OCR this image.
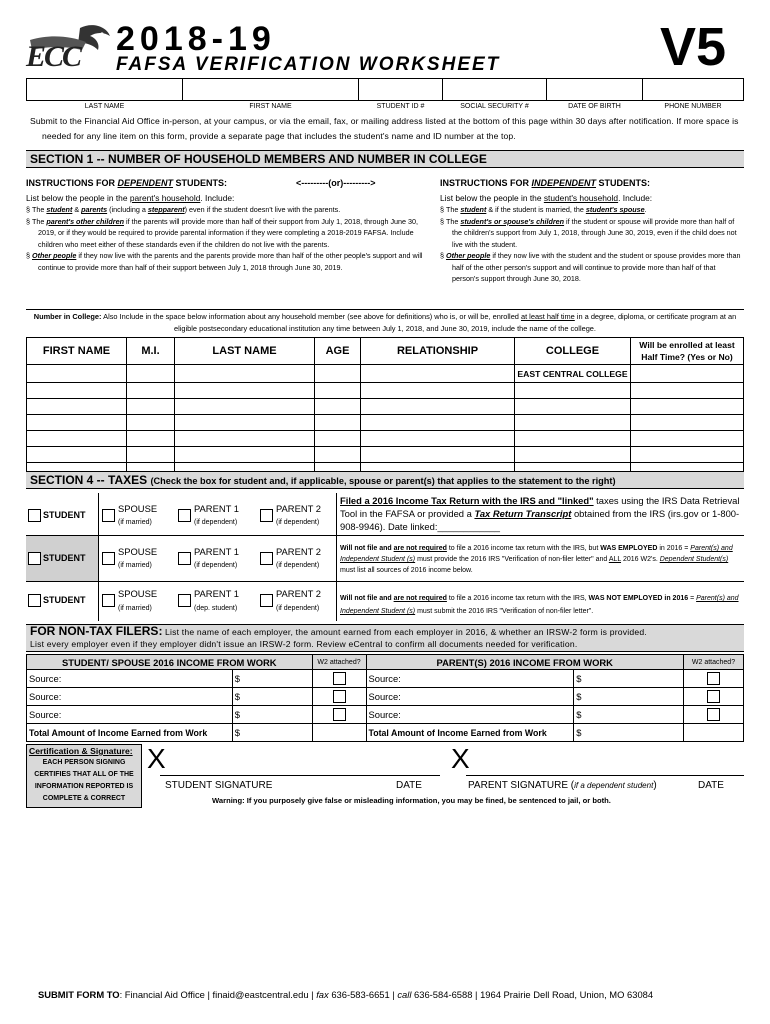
ECC 2018-19
FAFSA VERIFICATION WORKSHEET	V5

LAST NAME	FIRST NAME	STUDENT ID #	SOCIAL SECURITY #	DATE OF BIRTH	PHONE NUMBER
Submit to the Financial Aid Office in-person, at your campus, or via the email, fax, or mailing address listed at the bottom of this page within 30 days after notification. If more space is needed for any line item on this form, provide a separate page that includes the student's name and ID number at the top.
SECTION 1 -- NUMBER OF HOUSEHOLD MEMBERS AND NUMBER IN COLLEGE
INSTRUCTIONS FOR DEPENDENT STUDENTS:	<---------(or)--------->	INSTRUCTIONS FOR INDEPENDENT STUDENTS:
List below the people in the parent's household. Include:
§ The student & parents (including a stepparent) even if the student doesn't live with the parents.
§ The parent's other children if the parents will provide more than half of their support from July 1, 2018, through June 30, 2019, or if they would be required to provide parental information if they were completing a 2018-2019 FAFSA. Include children who meet either of these standards even if the children do not live with the parents.
§ Other people if they now live with the parents and the parents provide more than half of the other people's support and will continue to provide more than half of their support between July 1, 2018 through June 30, 2019.
List below the people in the student's household. Include:
§ The student & if the student is married, the student's spouse.
§ The student's or spouse's children if the student or spouse will provide more than half of the children's support from July 1, 2018, through June 30, 2019, even if the child does not live with the student.
§ Other people if they now live with the student and the student or spouse provides more than half of the other person's support and will continue to provide more than half of that person's support through June 30, 2018.
Number in College: Also Include in the space below information about any household member (see above for definitions) who is, or will be, enrolled at least half time in a degree, diploma, or certificate program at an eligible postsecondary educational institution any time between July 1, 2018, and June 30, 2019, include the name of the college.
FIRST NAME	M.I.	LAST NAME	AGE	RELATIONSHIP	COLLEGE	Will be enrolled at least Half Time? (Yes or No)
					EAST CENTRAL COLLEGE	

SECTION 4 -- TAXES (Check the box for student and, if applicable, spouse or parent(s) that applies to the statement to the right)
STUDENT
SPOUSE
(if married)
PARENT 1
(if dependent)
PARENT 2
(if dependent)
Filed a 2016 Income Tax Return with the IRS and "linked" taxes using the IRS Data Retrieval Tool in the FAFSA or provided a Tax Return Transcript obtained from the IRS (irs.gov or 1-800-908-9946). Date linked:____________
STUDENT
SPOUSE
(if married)
PARENT 1
(if dependent)
PARENT 2
(if dependent)
Will not file and are not required to file a 2016 income tax return with the IRS, but WAS EMPLOYED in 2016 = Parent(s) and Independent Student (s) must provide the 2016 IRS "Verification of non-filer letter" and ALL 2016 W2's. Dependent Student(s) must list all sources of 2016 income below.
STUDENT
SPOUSE
(if married)
PARENT 1
(dep. student)
PARENT 2
(if dependent)
Will not file and are not required to file a 2016 income tax return with the IRS, WAS NOT EMPLOYED in 2016 = Parent(s) and Independent Student (s) must submit the 2016 IRS "Verification of non-filer letter".
FOR NON-TAX FILERS: List the name of each employer, the amount earned from each employer in 2016, & whether an IRSW-2 form is provided.
List every employer even if they employer didn't issue an IRSW-2 form. Review eCentral to confirm all documents needed for verification.
STUDENT/ SPOUSE 2016 INCOME FROM WORK		W2 attached?	PARENT(S) 2016 INCOME FROM WORK		W2 attached?
Source:	$		Source:	$	
Source:	$		Source:	$	
Source:	$		Source:	$	
Total Amount of Income Earned from Work	$		Total Amount of Income Earned from Work	$	
Certification & Signature:
EACH PERSON SIGNING CERTIFIES THAT ALL OF THE INFORMATION REPORTED IS COMPLETE & CORRECT
X
STUDENT SIGNATURE	DATE
X
PARENT SIGNATURE (if a dependent student)	DATE
Warning: If you purposely give false or misleading information, you may be fined, be sentenced to jail, or both.
SUBMIT FORM TO: Financial Aid Office | finaid@eastcentral.edu | fax 636-583-6651 | call 636-584-6588 | 1964 Prairie Dell Road, Union, MO 63084
